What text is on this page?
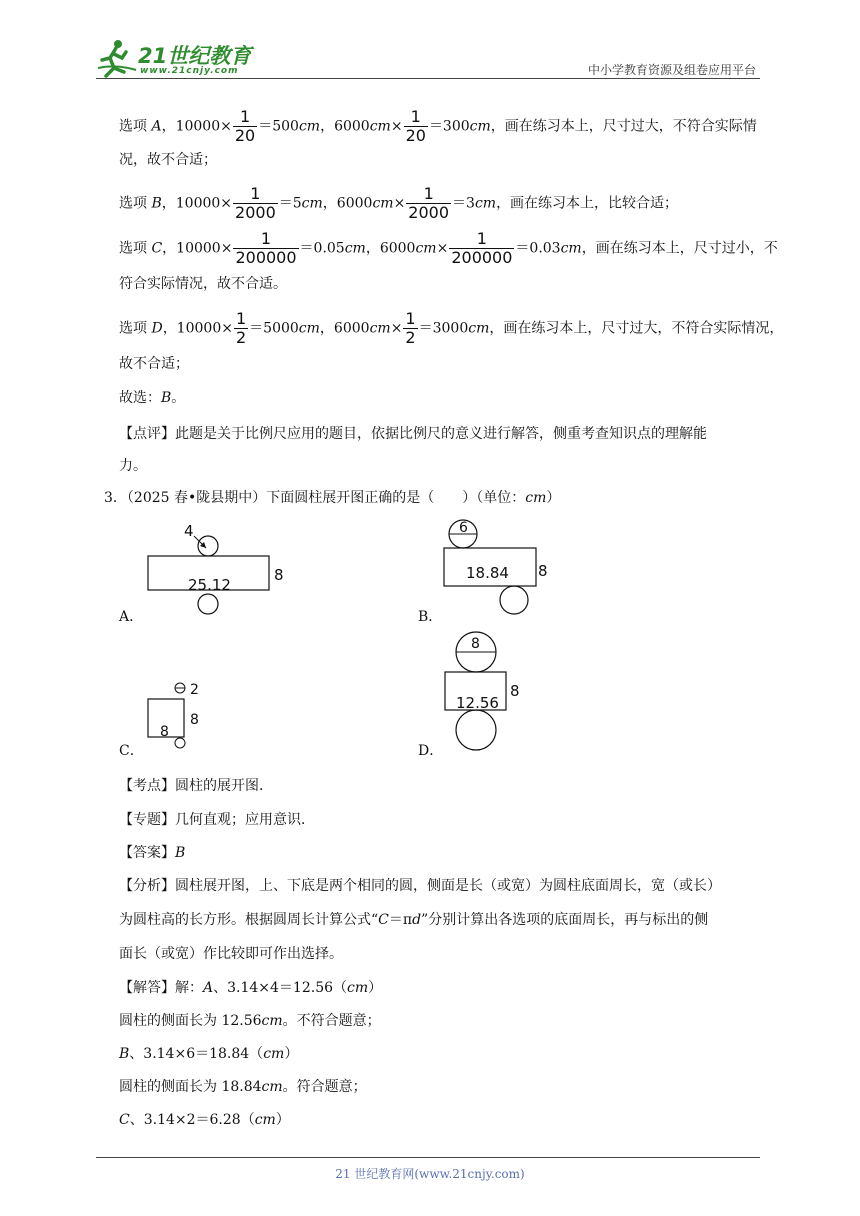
21世纪教育
www.21cnjy.com	中小学教育资源及组卷应用平台
选项 A，$10000\times \frac{1}{20} =500cm$，$6000cm\times \frac{1}{20} =300cm$，画在练习本上，尺寸过大，不符合实际情
况，故不合适；
选项 B，$10000\times \frac{1}{2000} =5cm$，$6000cm\times \frac{1}{2000} =3cm$，画在练习本上，比较合适；
选项 C，$10000\times \frac{1}{200000} =0.05cm$，$6000cm\times \frac{1}{200000} =0.03cm$，画在练习本上，尺寸过小，不
符合实际情况，故不合适。
选项 D，$10000\times \frac{1}{2} =5000cm$，$6000cm\times \frac{1}{2} =3000cm$，画在练习本上，尺寸过大，不符合实际情况，
故不合适；
故选：B。
【点评】此题是关于比例尺应用的题目，依据比例尺的意义进行解答，侧重考查知识点的理解能
力。
3．（2025 春•陇县期中）下面圆柱展开图正确的是（　　）（单位：cm）
4
25.12
8
A．
6
18.84 8
B．
2
8
8
C．
8
12.56
8
D．
【考点】圆柱的展开图．
【专题】几何直观；应用意识．
【答案】B
【分析】圆柱展开图，上、下底是两个相同的圆，侧面是长（或宽）为圆柱底面周长，宽（或长）
为圆柱高的长方形。根据圆周长计算公式“C＝πd”分别计算出各选项的底面周长，再与标出的侧
面长（或宽）作比较即可作出选择。
【解答】解：A、3.14×4＝12.56（cm）
圆柱的侧面长为 12.56cm。不符合题意；
B、3.14×6＝18.84（cm）
圆柱的侧面长为 18.84cm。符合题意；
C、3.14×2＝6.28（cm）
21 世纪教育网(www.21cnjy.com)
